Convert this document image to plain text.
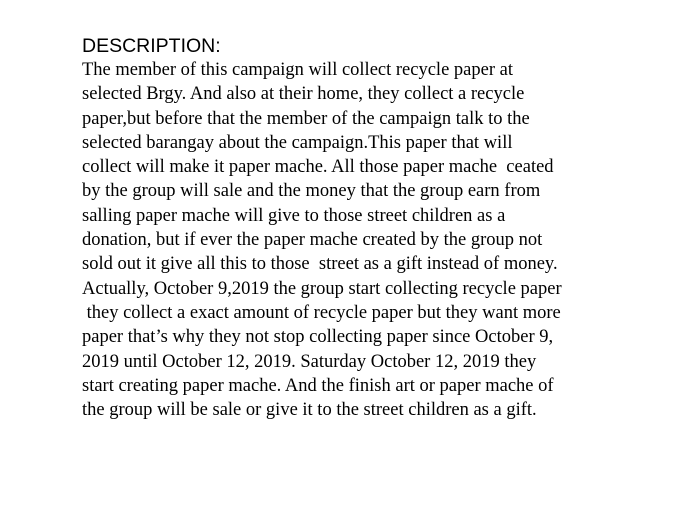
DESCRIPTION:
The member of this campaign will collect recycle paper at
selected Brgy. And also at their home, they collect a recycle
paper,but before that the member of the campaign talk to the
selected barangay about the campaign.This paper that will
collect will make it paper mache. All those paper mache  ceated
by the group will sale and the money that the group earn from
salling paper mache will give to those street children as a
donation, but if ever the paper mache created by the group not
sold out it give all this to those  street as a gift instead of money.
Actually, October 9,2019 the group start collecting recycle paper
they collect a exact amount of recycle paper but they want more
paper that’s why they not stop collecting paper since October 9,
2019 until October 12, 2019. Saturday October 12, 2019 they
start creating paper mache. And the finish art or paper mache of
the group will be sale or give it to the street children as a gift.
